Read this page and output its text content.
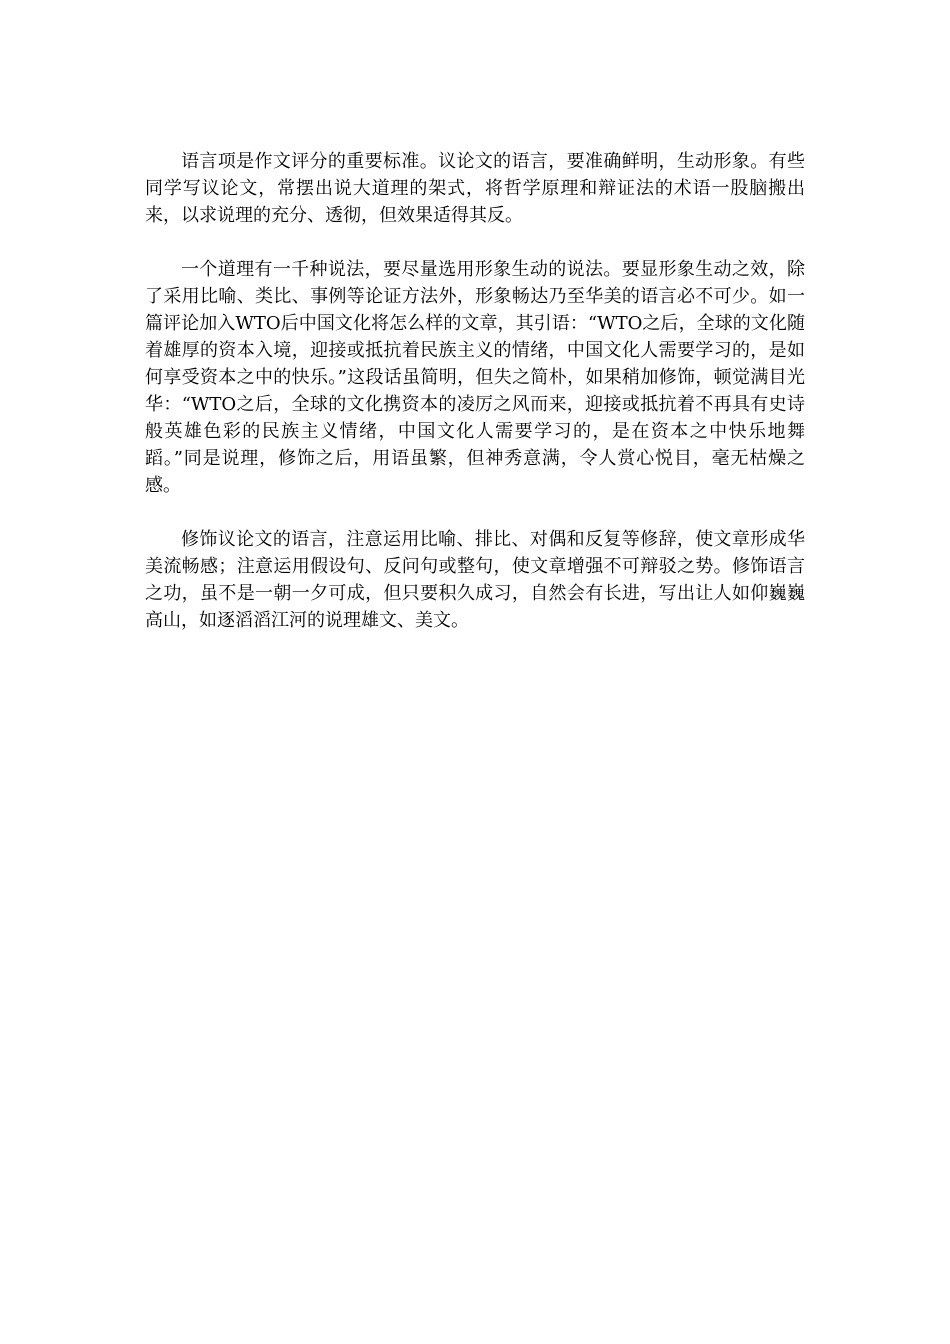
语言项是作文评分的重要标准。议论文的语言，要准确鲜明，生动形象。有些同学写议论文，常摆出说大道理的架式，将哲学原理和辩证法的术语一股脑搬出来，以求说理的充分、透彻，但效果适得其反。

一个道理有一千种说法，要尽量选用形象生动的说法。要显形象生动之效，除了采用比喻、类比、事例等论证方法外，形象畅达乃至华美的语言必不可少。如一篇评论加入WTO后中国文化将怎么样的文章，其引语：“WTO之后，全球的文化随着雄厚的资本入境，迎接或抵抗着民族主义的情绪，中国文化人需要学习的，是如何享受资本之中的快乐。”这段话虽简明，但失之简朴，如果稍加修饰，顿觉满目光华：“WTO之后，全球的文化携资本的凌厉之风而来，迎接或抵抗着不再具有史诗般英雄色彩的民族主义情绪，中国文化人需要学习的，是在资本之中快乐地舞蹈。”同是说理，修饰之后，用语虽繁，但神秀意满，令人赏心悦目，毫无枯燥之感。

修饰议论文的语言，注意运用比喻、排比、对偶和反复等修辞，使文章形成华美流畅感；注意运用假设句、反问句或整句，使文章增强不可辩驳之势。修饰语言之功，虽不是一朝一夕可成，但只要积久成习，自然会有长进，写出让人如仰巍巍高山，如逐滔滔江河的说理雄文、美文。
